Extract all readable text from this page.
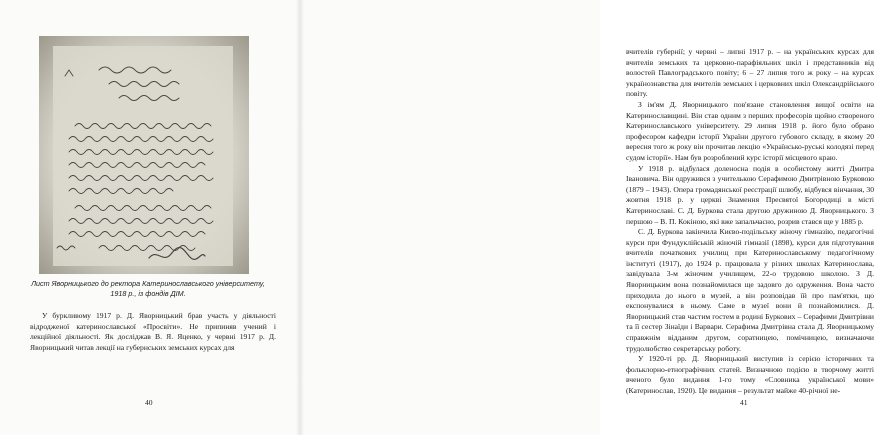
Лист Яворницького до ректора Катеринославського університету, 1918 р., із фондів ДІМ.

У буркливому 1917 р. Д. Яворницький брав участь у діяльності відродженої катеринославської «Просвіти». Не припиняв учений і лекційної діяльності. Як досліджав В. Я. Яценко, у червні 1917 р. Д. Яворницький читав лекції на губернських земських курсах для

40

вчителів губернії; у червні – липні 1917 р. – на українських курсах для вчителів земських та церковно-парафіяльних шкіл і представників від волостей Павлоградського повіту; 6 – 27 липня того ж року – на курсах українознавства для вчителів земських і церковних шкіл Олександрійського повіту.

З ім'ям Д. Яворницького пов'язане становлення вищої освіти на Катеринославщині. Він став одним з перших професорів щойно створеного Катеринославського університету. 29 липня 1918 р. його було обрано професором кафедри історії України другого губового складу, в якому 20 вересня того ж року він прочитав лекцію «Українсько-руські колодязі перед судом історії». Нам був розроблений курс історії місцевого краю.

У 1918 р. відбулася доленосна подія в особистому житті Дмитра Івановича. Він одружився з учителькою Серафимою Дмитрівною Бурковою (1879 – 1943). Опера громадянської реєстрації шлюбу, відбувся вінчання, 30 жовтня 1918 р. у церкві Знамення Пресвятої Богородиці в місті Катеринославі. С. Д. Буркова стала другою дружиною Д. Яворницького. З першою – В. П. Кокіною, які вже запальчасно, розрив стався ще у 1885 р.

С. Д. Буркова закінчила Києво-подільську жіночу гімназію, педагогічні курси при Фундуклійській жіночій гімназії (1898), курси для підготування вчителів початкових училищ при Катеринославському педагогічному інституті (1917), до 1924 р. працювала у різних школах Катеринослава, завідувала 3-м жіночим училищем, 22-о трудовою школою. З Д. Яворницьким вона познайомилася ще задовго до одруження. Вона часто приходила до нього в музей, а він розповідав їй про пам'ятки, що експонувалися в ньому. Саме в музеї вони й познайомилися. Д. Яворницький став частим гостем в родині Буркових – Серафими Дмитрівни та її сестер Зінаїди і Варвари. Серафима Дмитрівна стала Д. Яворницькому справжнім відданим другом, соратницею, помічницею, визначаючи трудолюбство секретарську роботу.

У 1920-ті рр. Д. Яворницький виступив із серією історичних та фольклорно-етнографічних статей. Визначною подією в творчому житті вченого було видання 1-го тому «Словника української мови» (Катеринослав, 1920). Це видання – результат майже 40-річної не-

41
